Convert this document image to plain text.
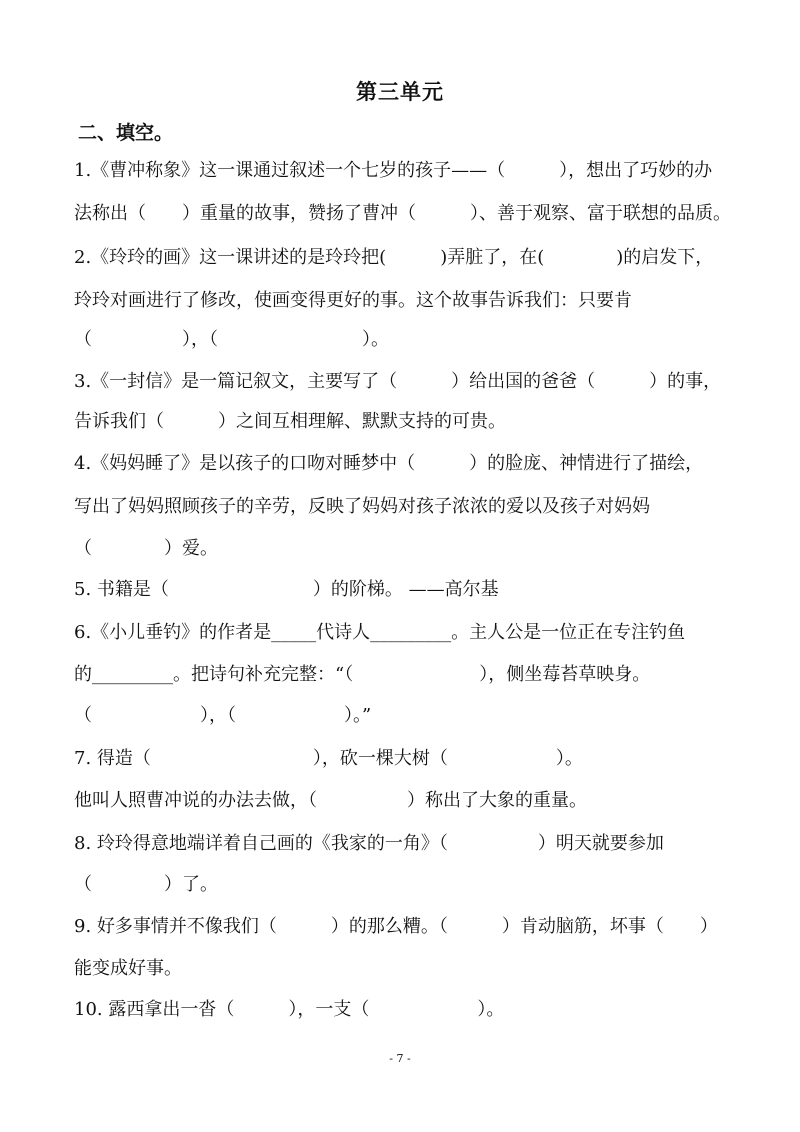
第三单元
二、填空。
1.《曹冲称象》这一课通过叙述一个七岁的孩子——（　　　），想出了巧妙的办
法称出（　　）重量的故事，赞扬了曹冲（　　　）、善于观察、富于联想的品质。
2.《玲玲的画》这一课讲述的是玲玲把(　　　)弄脏了，在(　　　　)的启发下，
玲玲对画进行了修改，使画变得更好的事。这个故事告诉我们：只要肯
（　　　　　），（　　　　　　　　）。
3.《一封信》是一篇记叙文，主要写了（　　　）给出国的爸爸（　　　）的事，
告诉我们（　　　）之间互相理解、默默支持的可贵。
4.《妈妈睡了》是以孩子的口吻对睡梦中（　　　）的脸庞、神情进行了描绘，
写出了妈妈照顾孩子的辛劳，反映了妈妈对孩子浓浓的爱以及孩子对妈妈
（　　　　）爱。
5. 书籍是（　　　　　　　　）的阶梯。 ——高尔基
6.《小儿垂钓》的作者是_____代诗人_________。主人公是一位正在专注钓鱼
的_________。把诗句补充完整：“（　　　　　　　），侧坐莓苔草映身。
（　　　　　　），（　　　　　　）。”
7. 得造（　　　　　　　　　），砍一棵大树（　　　　　　）。
他叫人照曹冲说的办法去做，（　　　　　）称出了大象的重量。
8. 玲玲得意地端详着自己画的《我家的一角》（　　　　　）明天就要参加
（　　　　）了。
9. 好多事情并不像我们（　　　）的那么糟。（　　　）肯动脑筋，坏事（　　）
能变成好事。
10. 露西拿出一沓（　　　），一支（　　　　　　）。
- 7 -
